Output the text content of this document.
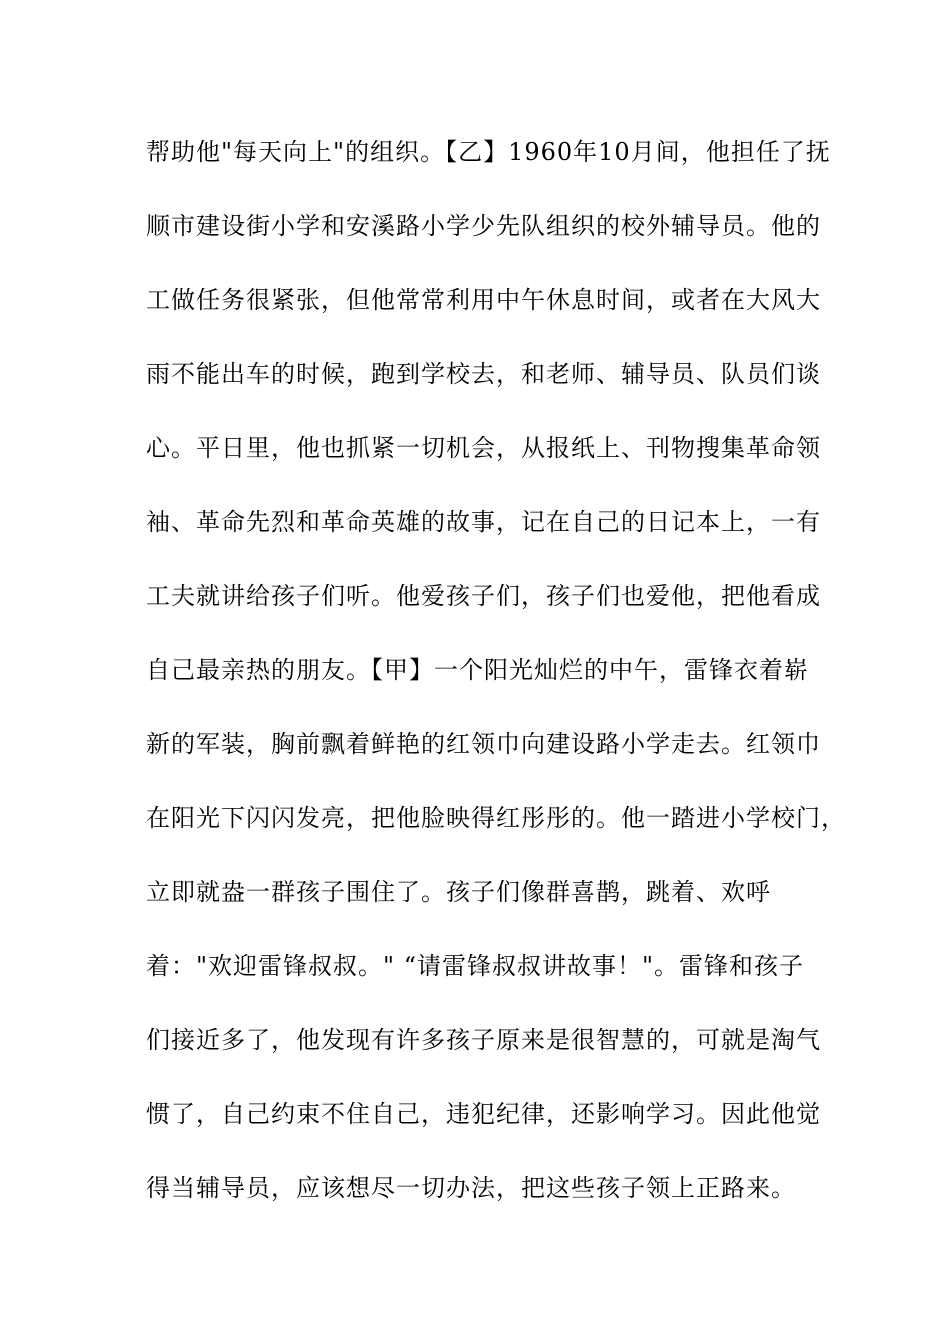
帮助他"每天向上"的组织。【乙】1960年10月间，他担任了抚
顺市建设街小学和安溪路小学少先队组织的校外辅导员。他的
工做任务很紧张，但他常常利用中午休息时间，或者在大风大
雨不能出车的时候，跑到学校去，和老师、辅导员、队员们谈
心。平日里，他也抓紧一切机会，从报纸上、刊物搜集革命领
袖、革命先烈和革命英雄的故事，记在自己的日记本上，一有
工夫就讲给孩子们听。他爱孩子们，孩子们也爱他，把他看成
自己最亲热的朋友。【甲】一个阳光灿烂的中午，雷锋衣着崭
新的军装，胸前飘着鲜艳的红领巾向建设路小学走去。红领巾
在阳光下闪闪发亮，把他脸映得红彤彤的。他一踏进小学校门，
立即就盎一群孩子围住了。孩子们像群喜鹊，跳着、欢呼
着："欢迎雷锋叔叔。" “请雷锋叔叔讲故事！"。雷锋和孩子
们接近多了，他发现有许多孩子原来是很智慧的，可就是淘气
惯了，自己约束不住自己，违犯纪律，还影响学习。因此他觉
得当辅导员，应该想尽一切办法，把这些孩子领上正路来。
